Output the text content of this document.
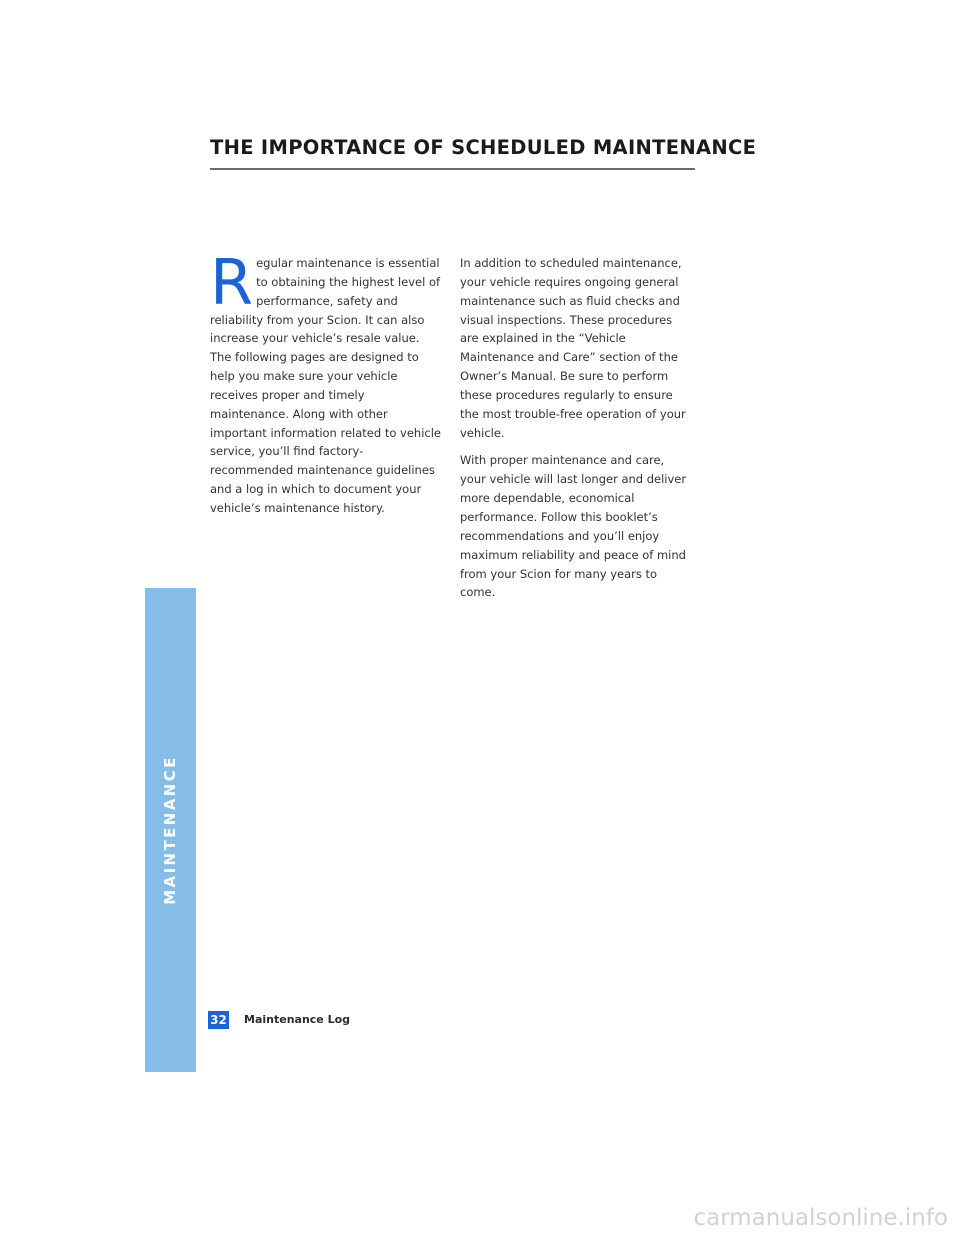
MAINTENANCE
THE IMPORTANCE OF SCHEDULED MAINTENANCE

Regular maintenance is essential to obtaining the highest level of performance, safety and reliability from your Scion. It can also increase your vehicle’s resale value. The following pages are designed to help you make sure your vehicle receives proper and timely maintenance. Along with other important information related to vehicle service, you’ll find factory-recommended maintenance guidelines and a log in which to document your vehicle’s maintenance history.

In addition to scheduled maintenance, your vehicle requires ongoing general maintenance such as fluid checks and visual inspections. These procedures are explained in the “Vehicle Maintenance and Care” section of the Owner’s Manual. Be sure to perform these procedures regularly to ensure the most trouble-free operation of your vehicle.

With proper maintenance and care, your vehicle will last longer and deliver more dependable, economical performance. Follow this booklet’s recommendations and you’ll enjoy maximum reliability and peace of mind from your Scion for many years to come.

32 Maintenance Log
carmanualsonline.info
